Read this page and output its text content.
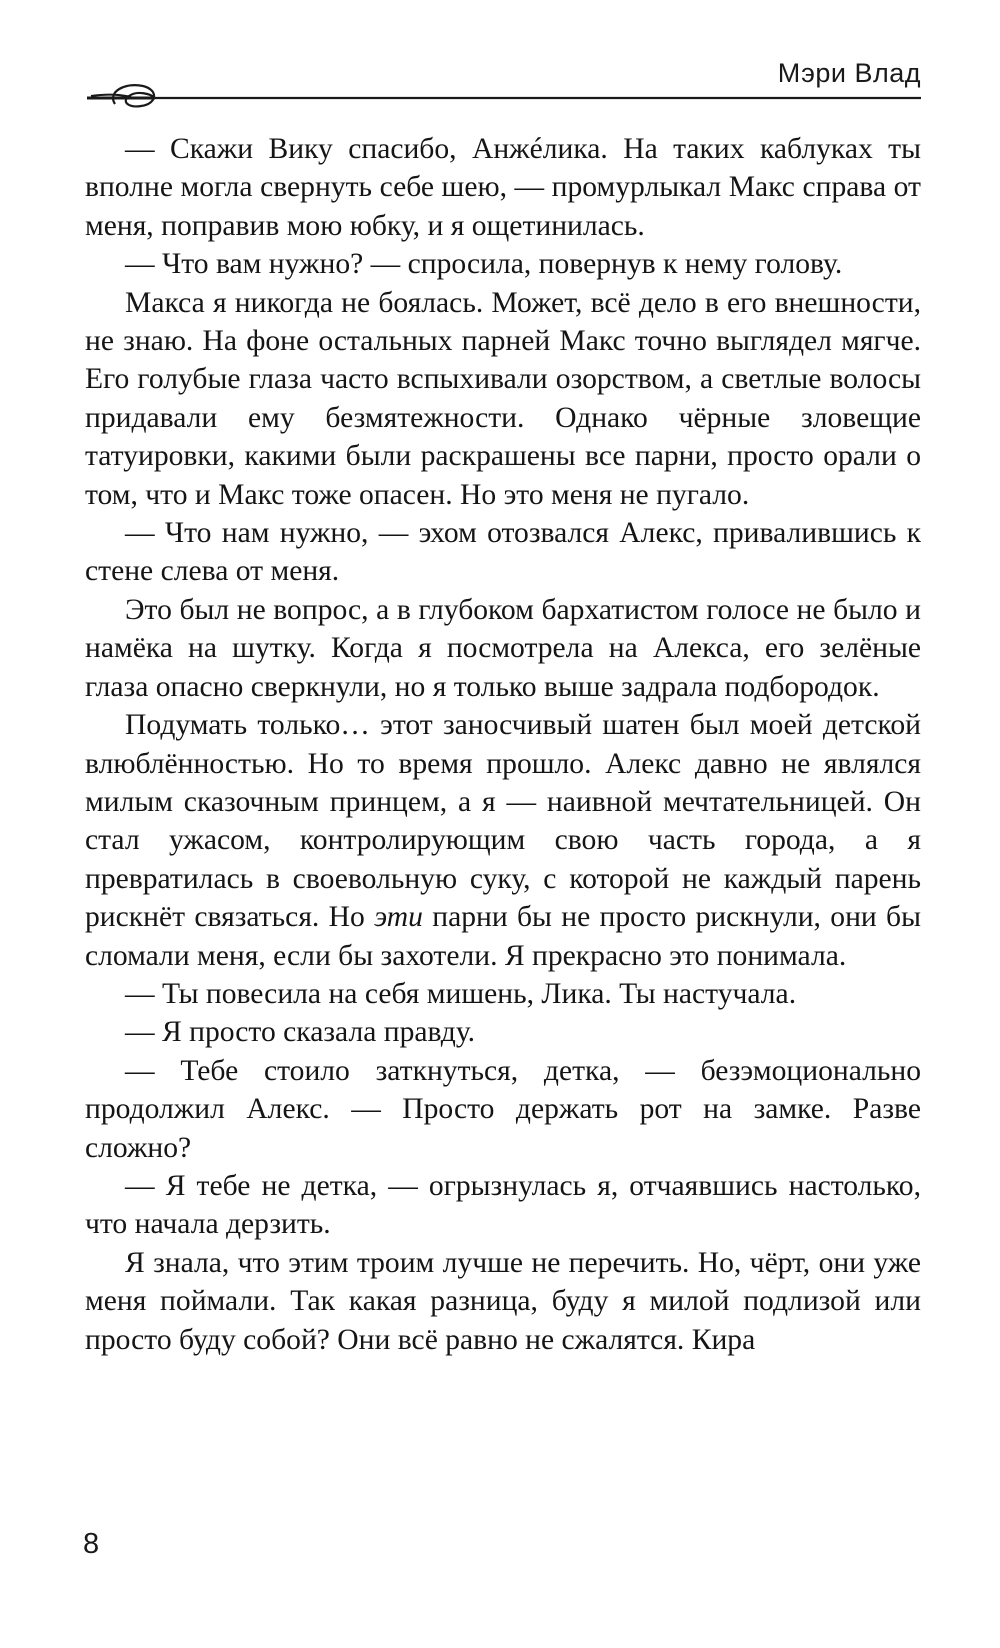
Мэри Влад

— Скажи Вику спасибо, Анжéлика. На таких каблуках ты вполне могла свернуть себе шею, — промурлыкал Макс справа от меня, поправив мою юбку, и я ощетинилась.

— Что вам нужно? — спросила, повернув к нему голову.

Макса я никогда не боялась. Может, всё дело в его внешности, не знаю. На фоне остальных парней Макс точно выглядел мягче. Его голубые глаза часто вспыхивали озорством, а светлые волосы придавали ему безмятежности. Однако чёрные зловещие татуировки, какими были раскрашены все парни, просто орали о том, что и Макс тоже опасен. Но это меня не пугало.

— Что нам нужно, — эхом отозвался Алекс, привалившись к стене слева от меня.

Это был не вопрос, а в глубоком бархатистом голосе не было и намёка на шутку. Когда я посмотрела на Алекса, его зелёные глаза опасно сверкнули, но я только выше задрала подбородок.

Подумать только… этот заносчивый шатен был моей детской влюблённостью. Но то время прошло. Алекс давно не являлся милым сказочным принцем, а я — наивной мечтательницей. Он стал ужасом, контролирующим свою часть города, а я превратилась в своевольную суку, с которой не каждый парень рискнёт связаться. Но эти парни бы не просто рискнули, они бы сломали меня, если бы захотели. Я прекрасно это понимала.

— Ты повесила на себя мишень, Лика. Ты настучала.

— Я просто сказала правду.

— Тебе стоило заткнуться, детка, — безэмоционально продолжил Алекс. — Просто держать рот на замке. Разве сложно?

— Я тебе не детка, — огрызнулась я, отчаявшись настолько, что начала дерзить.

Я знала, что этим троим лучше не перечить. Но, чёрт, они уже меня поймали. Так какая разница, буду я милой подлизой или просто буду собой? Они всё равно не сжалятся. Кира

8
